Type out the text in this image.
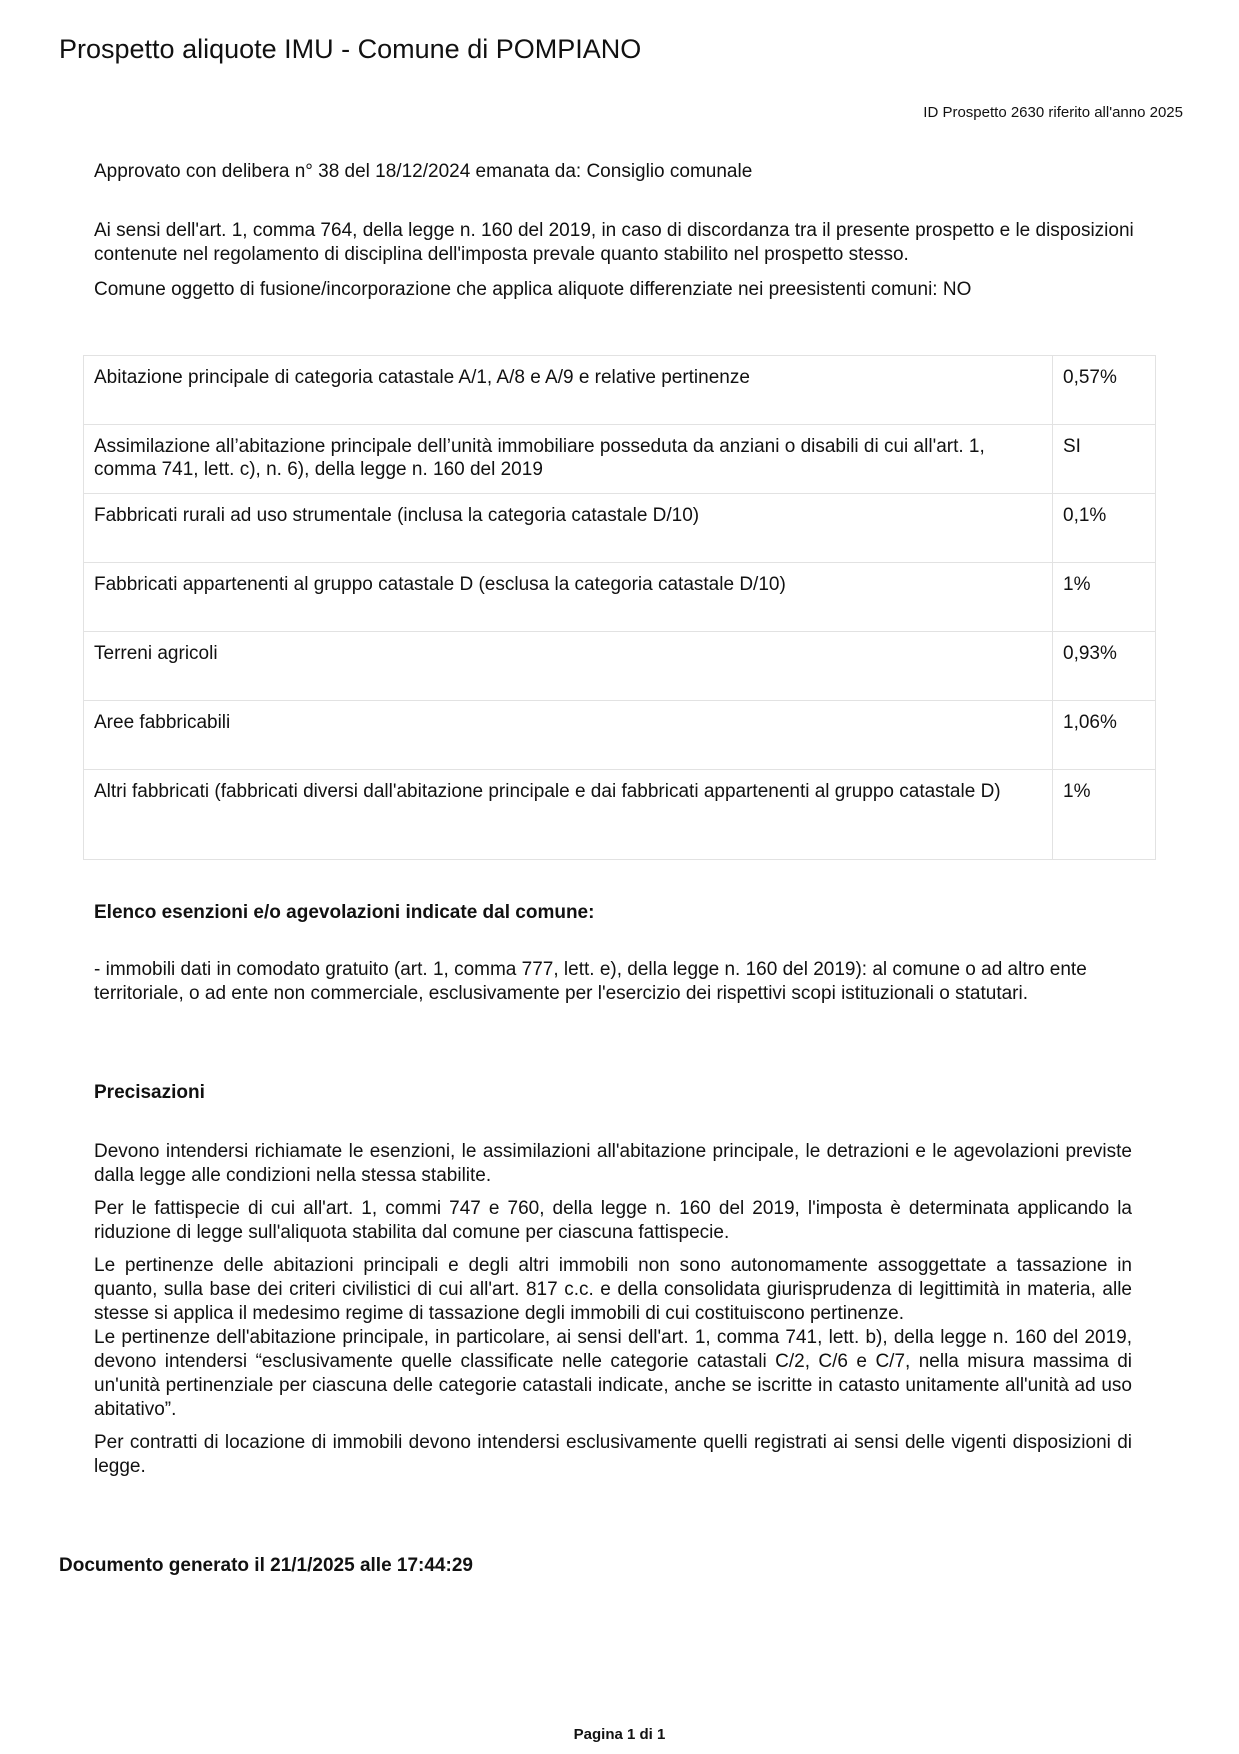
Prospetto aliquote IMU - Comune di POMPIANO
ID Prospetto 2630 riferito all'anno 2025
Approvato con delibera n° 38 del 18/12/2024 emanata da: Consiglio comunale

Ai sensi dell'art. 1, comma 764, della legge n. 160 del 2019, in caso di discordanza tra il presente prospetto e le disposizioni contenute nel regolamento di disciplina dell'imposta prevale quanto stabilito nel prospetto stesso.

Comune oggetto di fusione/incorporazione che applica aliquote differenziate nei preesistenti comuni: NO
Abitazione principale di categoria catastale A/1, A/8 e A/9 e relative pertinenze	0,57%
Assimilazione all’abitazione principale dell’unità immobiliare posseduta da anziani o disabili di cui all'art. 1, comma 741, lett. c), n. 6), della legge n. 160 del 2019	SI
Fabbricati rurali ad uso strumentale (inclusa la categoria catastale D/10)	0,1%
Fabbricati appartenenti al gruppo catastale D (esclusa la categoria catastale D/10)	1%
Terreni agricoli	0,93%
Aree fabbricabili	1,06%
Altri fabbricati (fabbricati diversi dall'abitazione principale e dai fabbricati appartenenti al gruppo catastale D)	1%
Elenco esenzioni e/o agevolazioni indicate dal comune:

- immobili dati in comodato gratuito (art. 1, comma 777, lett. e), della legge n. 160 del 2019): al comune o ad altro ente territoriale, o ad ente non commerciale, esclusivamente per l'esercizio dei rispettivi scopi istituzionali o statutari.

Precisazioni

Devono intendersi richiamate le esenzioni, le assimilazioni all'abitazione principale, le detrazioni e le agevolazioni previste dalla legge alle condizioni nella stessa stabilite.

Per le fattispecie di cui all'art. 1, commi 747 e 760, della legge n. 160 del 2019, l'imposta è determinata applicando la riduzione di legge sull'aliquota stabilita dal comune per ciascuna fattispecie.

Le pertinenze delle abitazioni principali e degli altri immobili non sono autonomamente assoggettate a tassazione in quanto, sulla base dei criteri civilistici di cui all'art. 817 c.c. e della consolidata giurisprudenza di legittimità in materia, alle stesse si applica il medesimo regime di tassazione degli immobili di cui costituiscono pertinenze.

Le pertinenze dell'abitazione principale, in particolare, ai sensi dell'art. 1, comma 741, lett. b), della legge n. 160 del 2019, devono intendersi “esclusivamente quelle classificate nelle categorie catastali C/2, C/6 e C/7, nella misura massima di un'unità pertinenziale per ciascuna delle categorie catastali indicate, anche se iscritte in catasto unitamente all'unità ad uso abitativo”.

Per contratti di locazione di immobili devono intendersi esclusivamente quelli registrati ai sensi delle vigenti disposizioni di legge.

Documento generato il 21/1/2025 alle 17:44:29
Pagina 1 di 1
